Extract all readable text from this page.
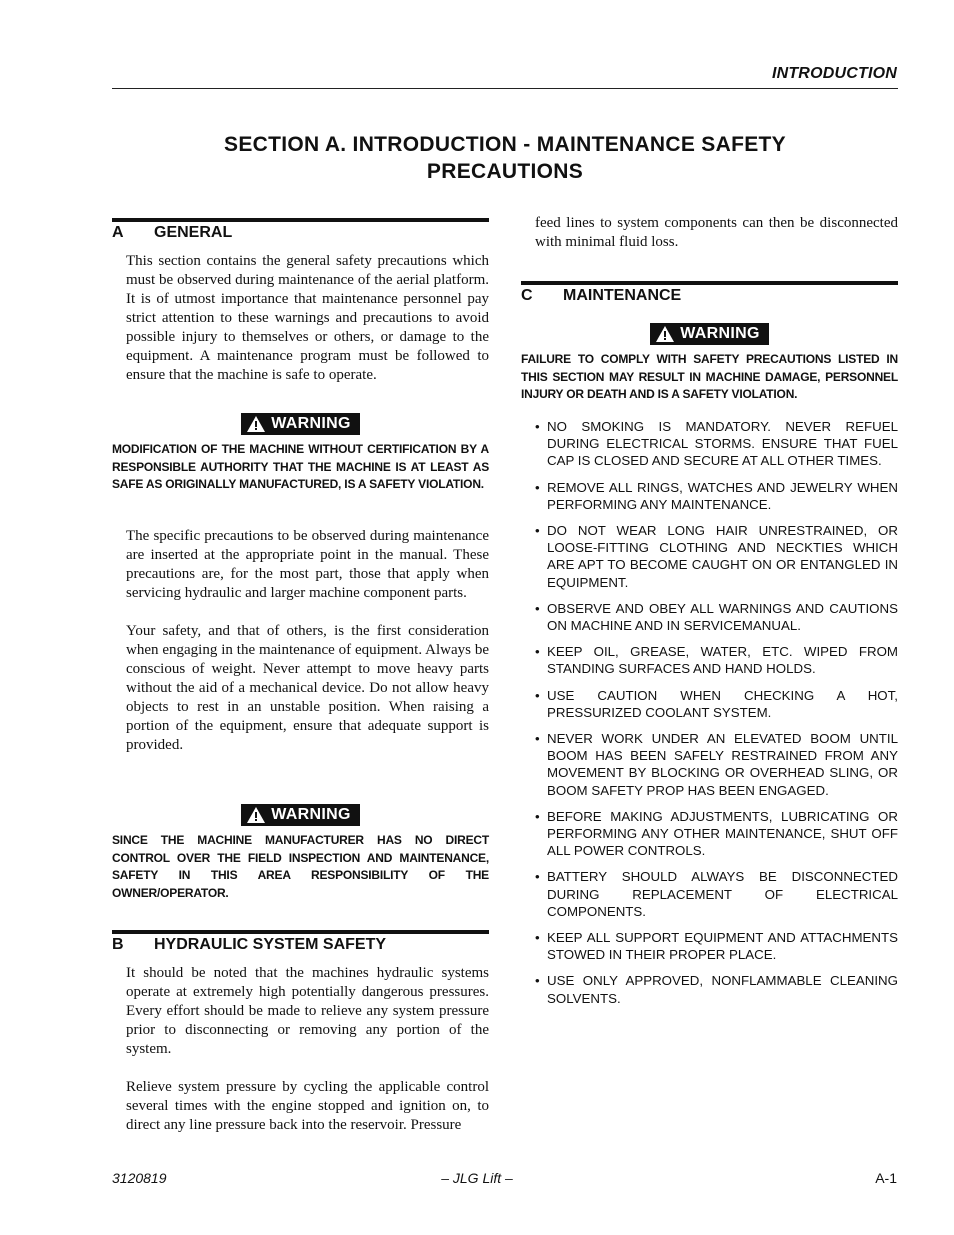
INTRODUCTION
SECTION A. INTRODUCTION - MAINTENANCE SAFETY
PRECAUTIONS
A	GENERAL
This section contains the general safety precautions which must be observed during maintenance of the aerial platform. It is of utmost importance that maintenance personnel pay strict attention to these warnings and precautions to avoid possible injury to themselves or others, or damage to the equipment. A maintenance program must be followed to ensure that the machine is safe to operate.
WARNING
MODIFICATION OF THE MACHINE WITHOUT CERTIFICATION BY A RESPONSIBLE AUTHORITY THAT THE MACHINE IS AT LEAST AS SAFE AS ORIGINALLY MANUFACTURED, IS A SAFETY VIOLATION.
The specific precautions to be observed during maintenance are inserted at the appropriate point in the manual. These precautions are, for the most part, those that apply when servicing hydraulic and larger machine component parts.
Your safety, and that of others, is the first consideration when engaging in the maintenance of equipment. Always be conscious of weight. Never attempt to move heavy parts without the aid of a mechanical device. Do not allow heavy objects to rest in an unstable position. When raising a portion of the equipment, ensure that adequate support is provided.
WARNING
SINCE THE MACHINE MANUFACTURER HAS NO DIRECT CONTROL OVER THE FIELD INSPECTION AND MAINTENANCE, SAFETY IN THIS AREA RESPONSIBILITY OF THE OWNER/OPERATOR.
B	HYDRAULIC SYSTEM SAFETY
It should be noted that the machines hydraulic systems operate at extremely high potentially dangerous pressures. Every effort should be made to relieve any system pressure prior to disconnecting or removing any portion of the system.
Relieve system pressure by cycling the applicable control several times with the engine stopped and ignition on, to direct any line pressure back into the reservoir. Pressure
feed lines to system components can then be disconnected with minimal fluid loss.
C	MAINTENANCE
WARNING
FAILURE TO COMPLY WITH SAFETY PRECAUTIONS LISTED IN THIS SECTION MAY RESULT IN MACHINE DAMAGE, PERSONNEL INJURY OR DEATH AND IS A SAFETY VIOLATION.
• NO SMOKING IS MANDATORY. NEVER REFUEL DURING ELECTRICAL STORMS. ENSURE THAT FUEL CAP IS CLOSED AND SECURE AT ALL OTHER TIMES.
• REMOVE ALL RINGS, WATCHES AND JEWELRY WHEN PERFORMING ANY MAINTENANCE.
• DO NOT WEAR LONG HAIR UNRESTRAINED, OR LOOSE-FITTING CLOTHING AND NECKTIES WHICH ARE APT TO BECOME CAUGHT ON OR ENTANGLED IN EQUIPMENT.
• OBSERVE AND OBEY ALL WARNINGS AND CAUTIONS ON MACHINE AND IN SERVICEMANUAL.
• KEEP OIL, GREASE, WATER, ETC. WIPED FROM STANDING SURFACES AND HAND HOLDS.
• USE CAUTION WHEN CHECKING A HOT, PRESSURIZED COOLANT SYSTEM.
• NEVER WORK UNDER AN ELEVATED BOOM UNTIL BOOM HAS BEEN SAFELY RESTRAINED FROM ANY MOVEMENT BY BLOCKING OR OVERHEAD SLING, OR BOOM SAFETY PROP HAS BEEN ENGAGED.
• BEFORE MAKING ADJUSTMENTS, LUBRICATING OR PERFORMING ANY OTHER MAINTENANCE, SHUT OFF ALL POWER CONTROLS.
• BATTERY SHOULD ALWAYS BE DISCONNECTED DURING REPLACEMENT OF ELECTRICAL COMPONENTS.
• KEEP ALL SUPPORT EQUIPMENT AND ATTACHMENTS STOWED IN THEIR PROPER PLACE.
• USE ONLY APPROVED, NONFLAMMABLE CLEANING SOLVENTS.
3120819	– JLG Lift –	A-1
